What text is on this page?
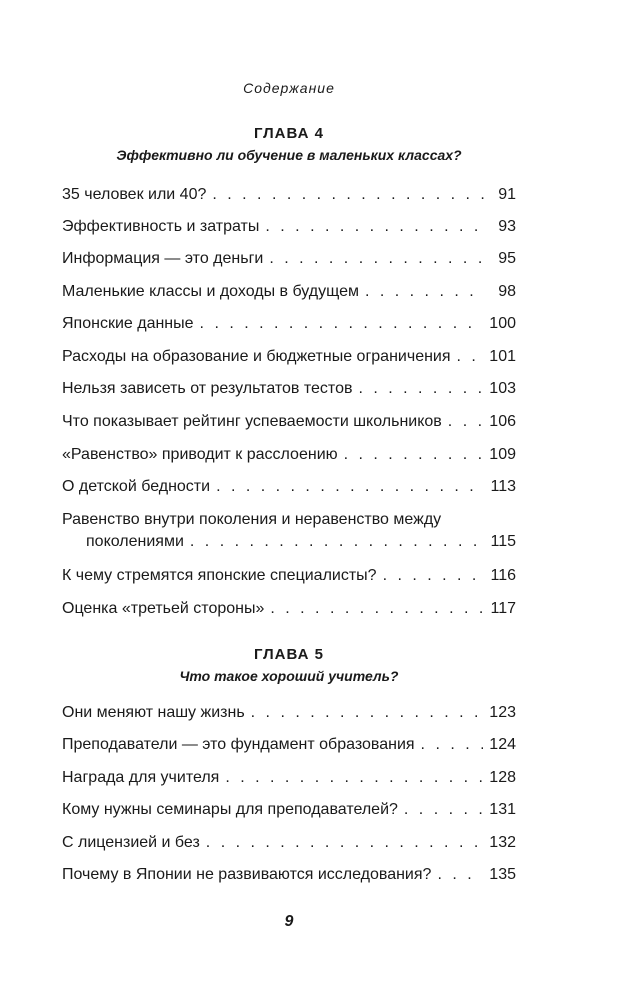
Содержание
ГЛАВА 4
Эффективно ли обучение в маленьких классах?
35 человек или 40? . . .	91
Эффективность и затраты . . .	93
Информация — это деньги . . .	95
Маленькие классы и доходы в будущем . . .	98
Японские данные . . .	100
Расходы на образование и бюджетные ограничения . . . 101
Нельзя зависеть от результатов тестов . . .	103
Что показывает рейтинг успеваемости школьников . . .	106
«Равенство» приводит к расслоению . . .	109
О детской бедности . . .	113
Равенство внутри поколения и неравенство между
поколениями . . .	115
К чему стремятся японские специалисты? . . .	116
Оценка «третьей стороны» . . .	117
ГЛАВА 5
Что такое хороший учитель?
Они меняют нашу жизнь . . .	123
Преподаватели — это фундамент образования . . .	124
Награда для учителя . . .	128
Кому нужны семинары для преподавателей? . . .	131
С лицензией и без . . .	132
Почему в Японии не развиваются исследования? . . .	135
9
